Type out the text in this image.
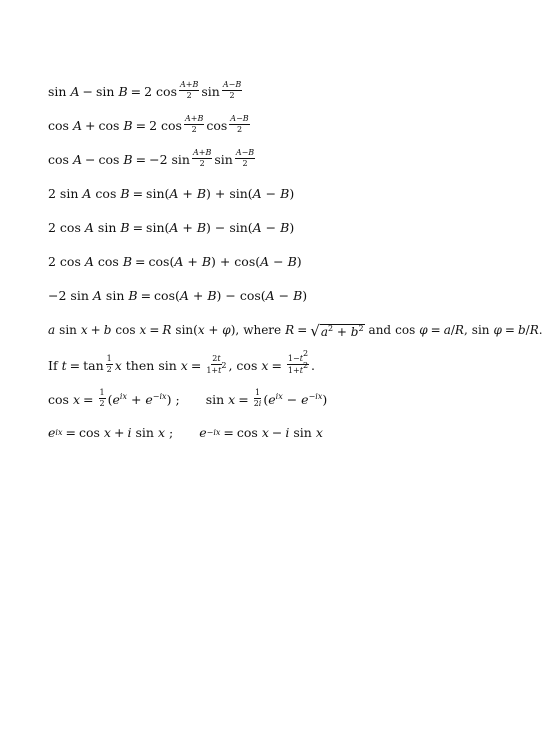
sin A − sin B = 2 $\cos \frac{A+B}{2}$ $\sin \frac{A-B}{2}$
cos A + cos B = 2 $\cos \frac{A+B}{2}$ $\cos \frac{A-B}{2}$
cos A − cos B = −2 $\sin \frac{A+B}{2}$ $\sin \frac{A-B}{2}$
2 sin A cos B = sin(A + B) + sin(A − B)
2 cos A sin B = sin(A + B) − sin(A − B)
2 cos A cos B = cos(A + B) + cos(A − B)
−2 sin A sin B = cos(A + B) − cos(A − B)
a sin x + b cos x = R sin(x + φ), where R = √ $a^2 + b^2$ and cos φ = a / R , sin φ = b / R .
If $t = \tan \frac{1}{2}$ x then $\sin x = \frac{2t}{1+t^2}$ , $\cos x = \frac{1-t^2}{1+t^2}$ .
$\cos x = \frac{1}{2} (e^{ix} + e^{-ix})$ ; $\sin x = \frac{1}{2i} (e^{ix} - e^{-ix})$
e ix = cos x + i sin x ; e −ix = cos x − i sin x
